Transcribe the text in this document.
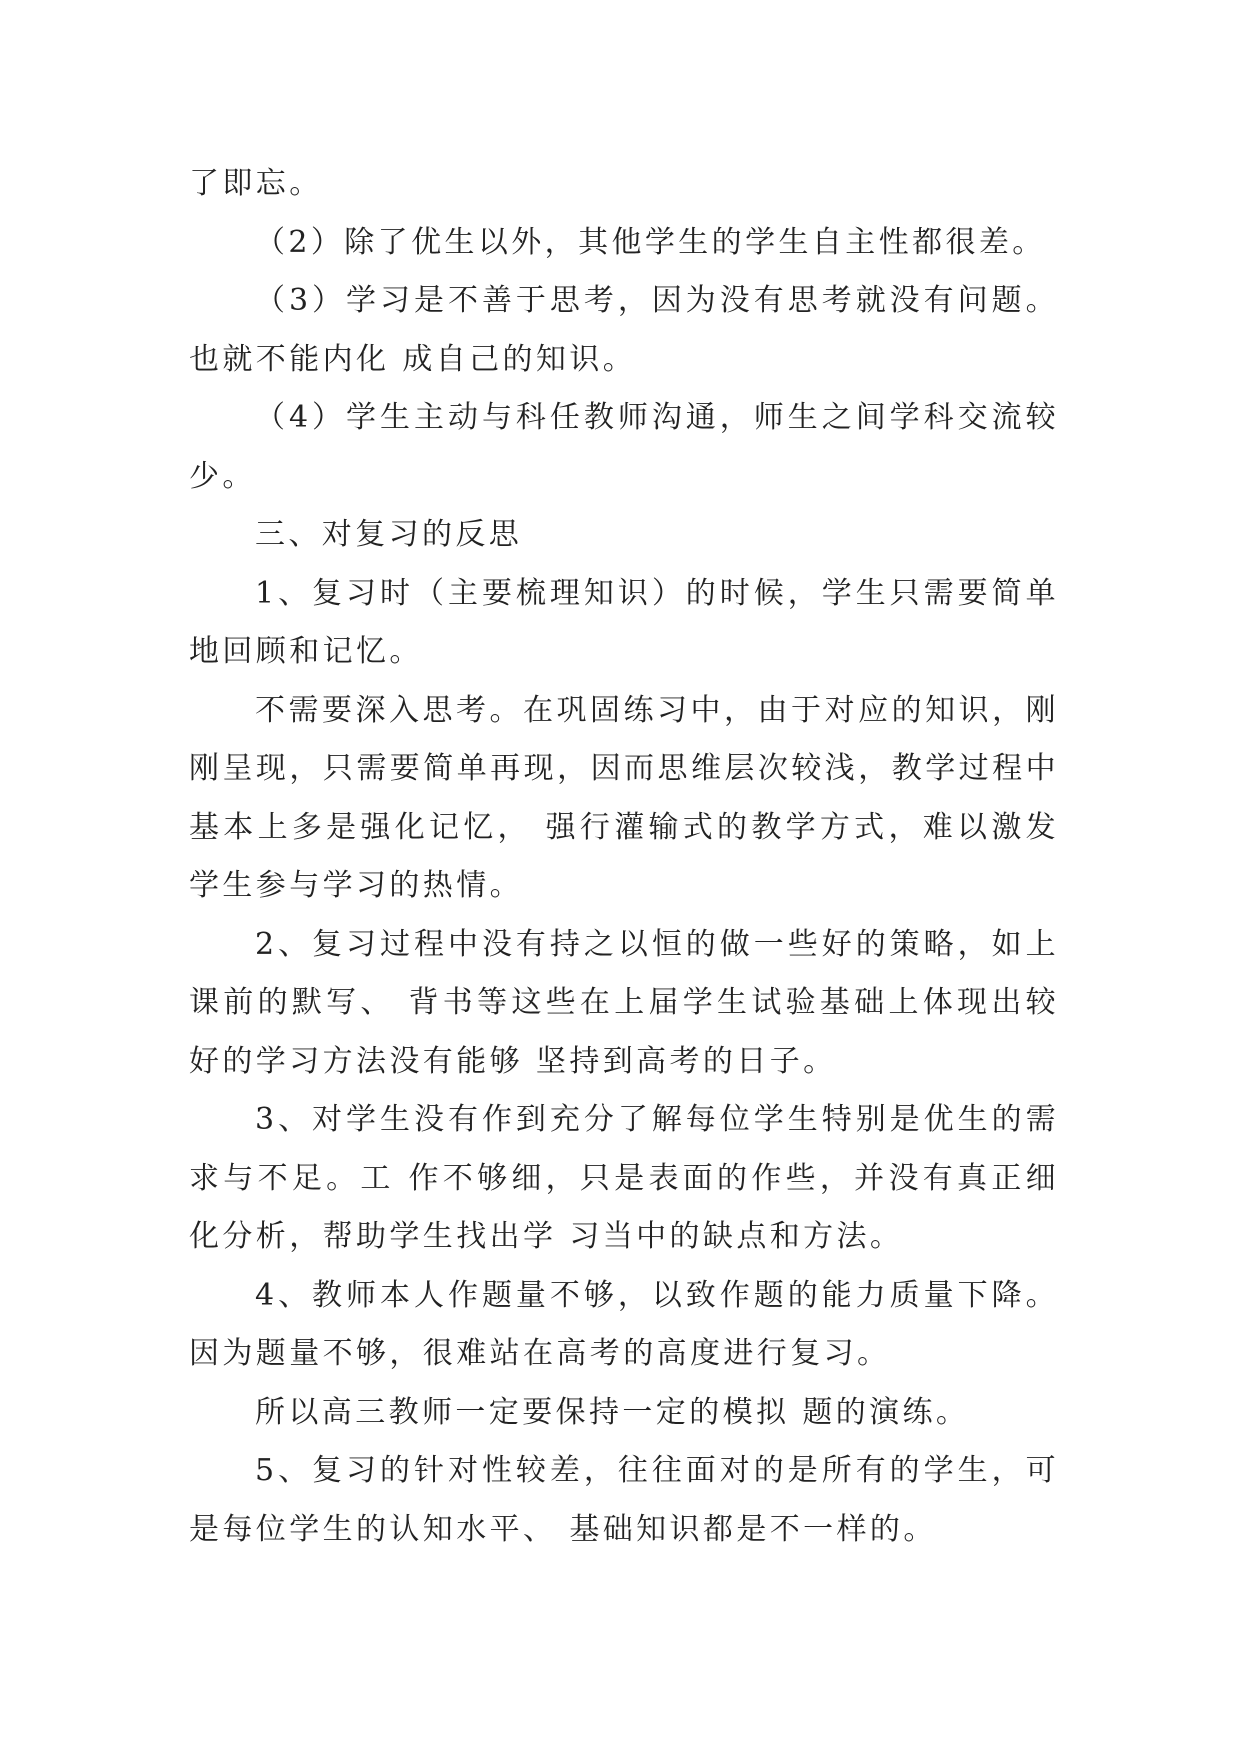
了即忘。

（2）除了优生以外，其他学生的学生自主性都很差。

（3）学习是不善于思考，因为没有思考就没有问题。也就不能内化 成自己的知识。

（4）学生主动与科任教师沟通，师生之间学科交流较少。

三、对复习的反思

1、复习时（主要梳理知识）的时候，学生只需要简单地回顾和记忆。

不需要深入思考。在巩固练习中，由于对应的知识，刚刚呈现，只需要简单再现，因而思维层次较浅，教学过程中基本上多是强化记忆， 强行灌输式的教学方式，难以激发学生参与学习的热情。

2、复习过程中没有持之以恒的做一些好的策略，如上课前的默写、 背书等这些在上届学生试验基础上体现出较好的学习方法没有能够 坚持到高考的日子。

3、对学生没有作到充分了解每位学生特别是优生的需求与不足。工 作不够细，只是表面的作些，并没有真正细化分析，帮助学生找出学 习当中的缺点和方法。

4、教师本人作题量不够，以致作题的能力质量下降。因为题量不够，很难站在高考的高度进行复习。

所以高三教师一定要保持一定的模拟 题的演练。

5、复习的针对性较差，往往面对的是所有的学生，可是每位学生的认知水平、 基础知识都是不一样的。
